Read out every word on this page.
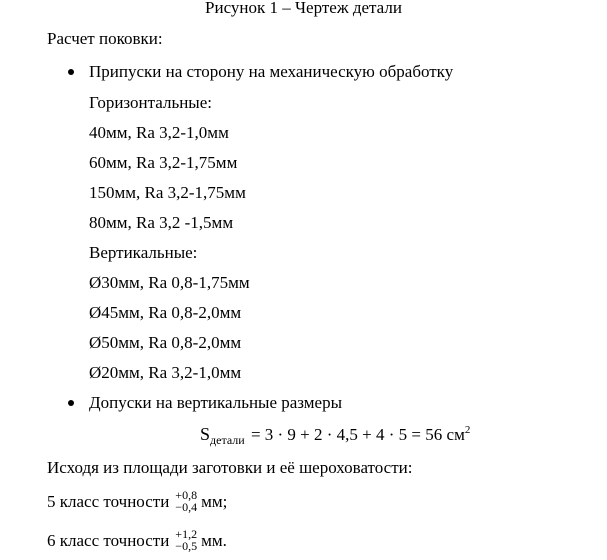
Рисунок 1 – Чертеж детали
Расчет поковки:
Припуски на сторону на механическую обработку
Горизонтальные:
40мм, Ra 3,2-1,0мм
60мм, Ra 3,2-1,75мм
150мм, Ra 3,2-1,75мм
80мм, Ra 3,2 -1,5мм
Вертикальные:
Ø30мм, Ra 0,8-1,75мм
Ø45мм, Ra 0,8-2,0мм
Ø50мм, Ra 0,8-2,0мм
Ø20мм, Ra 3,2-1,0мм
Допуски на вертикальные размеры
$S_{детали} = 3 \cdot 9 + 2 \cdot 4,5 + 4 \cdot 5 = 56$ $см^2$
Исходя из площади заготовки и её шероховатости:
5 класс точности +0,8
−0,4 мм;
6 класс точности +1,2
−0,5 мм.
